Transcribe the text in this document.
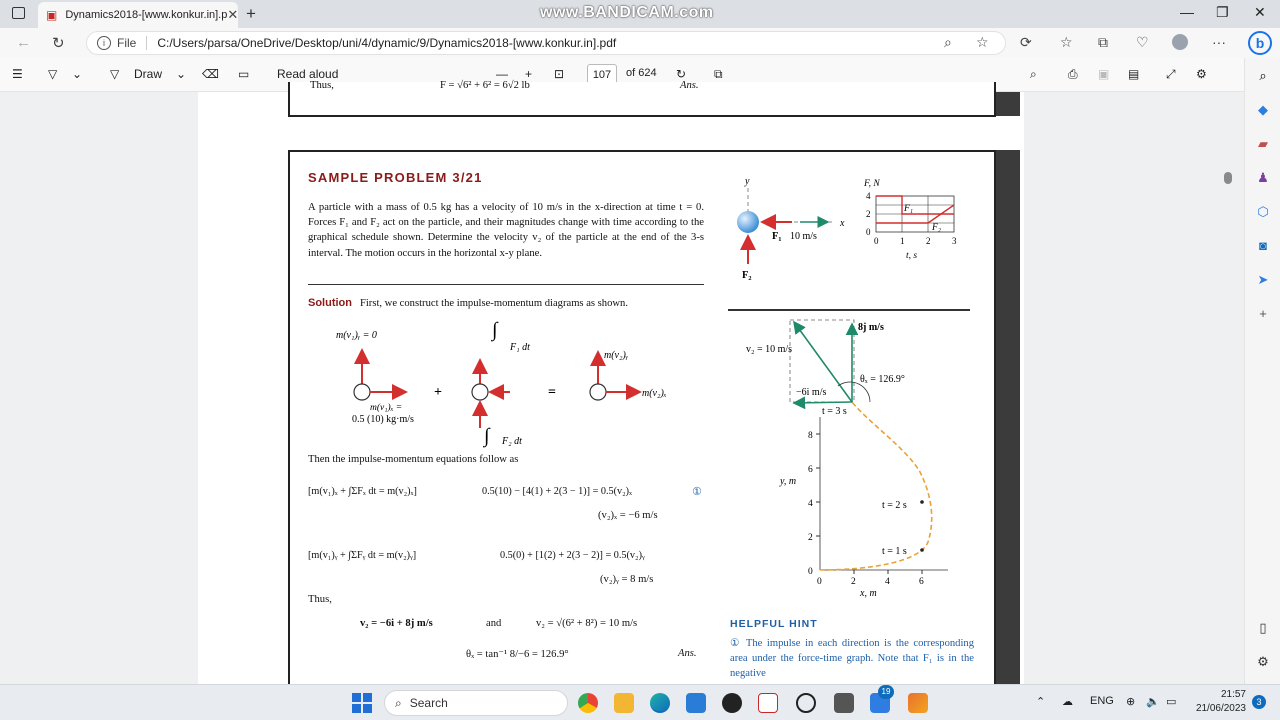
▣ Dynamics2018-[www.konkur.in].p ✕ +	www.BANDICAM.com	— ❐ ✕
← ↻	i	File	C:/Users/parsa/OneDrive/Desktop/uni/4/dynamic/9/Dynamics2018-[www.konkur.in].pdf	⌕ ☆ ⟳ ☆ ⧉ ♡	···	b
☰ ▽ ⌄ ▽ Draw ⌄ ⌫ ▭ Read aloud	— + ⊡	107	of 624 ↻ ⧉	⌕	⎙ ▣ ▤ ⤢ ⚙	⌕
◆
▰
♟
⬡
◙
➤
+
▯
⚙
Thus,	F = √6² + 6² = 6√2 lb	Ans.
SAMPLE PROBLEM 3/21
A particle with a mass of 0.5 kg has a velocity of 10 m/s in the x-direction at time t = 0. Forces F₁ and F₂ act on the particle, and their magnitudes change with time according to the graphical schedule shown. Determine the velocity v₂ of the particle at the end of the 3-s interval. The motion occurs in the horizontal x-y plane.
Solution First, we construct the impulse-momentum diagrams as shown.
m(v₁)ᵧ = 0
m(v₁)ₓ =
0.5 (10) kg·m/s
+
∫
F₁ dt
∫ F₂ dt
=
m(v₂)ᵧ
m(v₂)ₓ
Then the impulse-momentum equations follow as
[m(v₁)ₓ + ∫ΣFₓ dt = m(v₂)ₓ]	0.5(10) − [4(1) + 2(3 − 1)] = 0.5(v₂)ₓ	①
(v₂)ₓ = −6 m/s
[m(v₁)ᵧ + ∫ΣFᵧ dt = m(v₂)ᵧ]	0.5(0) + [1(2) + 2(3 − 2)] = 0.5(v₂)ᵧ
(v₂)ᵧ = 8 m/s
Thus,
v₂ = −6i + 8j m/s	and	v₂ = √(6² + 8²) = 10 m/s
θₓ = tan⁻¹ 8/−6 = 126.9°	Ans.
y
x
F₁ 10 m/s
F₂
F, N
F₁
F₂
4
2
0
0 1 2 3
t, s
8j m/s
v₂ = 10 m/s
−6i m/s
θₓ = 126.9°
t = 3 s
8
6
4
2
0
0	2	4	6
y, m
x, m
t = 2 s
t = 1 s
HELPFUL HINT
① The impulse in each direction is the corresponding area under the force-time graph. Note that F₁ is in the negative
⌕ Search
19
⌃ ☁ ENG ⊕ 🔈 ▭
21:57
21/06/2023
3
